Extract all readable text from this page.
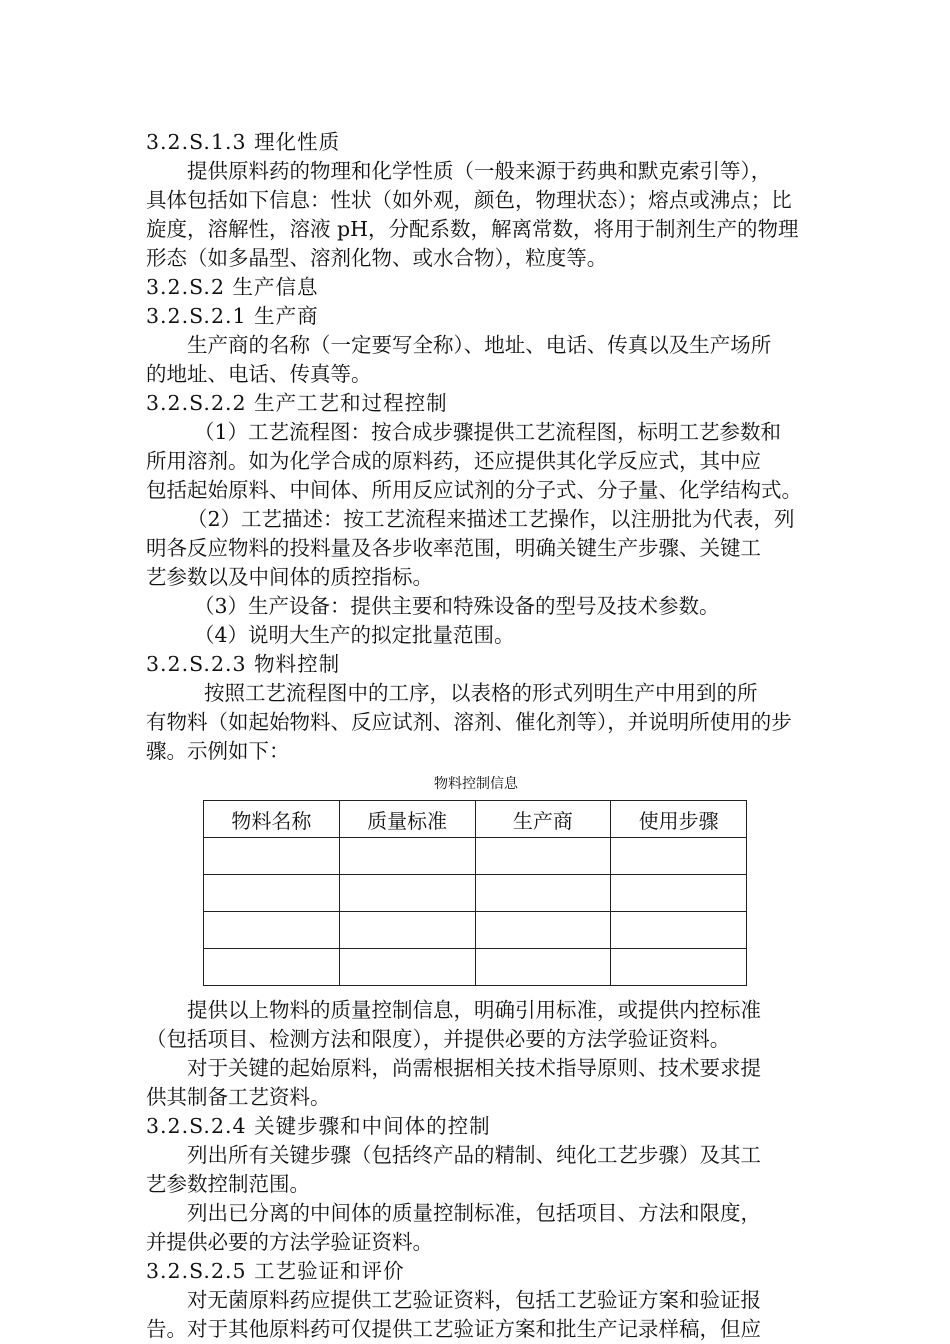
3.2.S.1.3 理化性质
提供原料药的物理和化学性质（一般来源于药典和默克索引等），
具体包括如下信息：性状（如外观，颜色，物理状态）；熔点或沸点；比
旋度，溶解性，溶液 pH，分配系数，解离常数，将用于制剂生产的物理
形态（如多晶型、溶剂化物、或水合物），粒度等。
3.2.S.2 生产信息
3.2.S.2.1 生产商
生产商的名称（一定要写全称）、地址、电话、传真以及生产场所
的地址、电话、传真等。
3.2.S.2.2 生产工艺和过程控制
（1）工艺流程图：按合成步骤提供工艺流程图，标明工艺参数和
所用溶剂。如为化学合成的原料药，还应提供其化学反应式，其中应
包括起始原料、中间体、所用反应试剂的分子式、分子量、化学结构式。
（2）工艺描述：按工艺流程来描述工艺操作，以注册批为代表，列
明各反应物料的投料量及各步收率范围，明确关键生产步骤、关键工
艺参数以及中间体的质控指标。
（3）生产设备：提供主要和特殊设备的型号及技术参数。
（4）说明大生产的拟定批量范围。
3.2.S.2.3 物料控制
按照工艺流程图中的工序，以表格的形式列明生产中用到的所
有物料（如起始物料、反应试剂、溶剂、催化剂等），并说明所使用的步
骤。示例如下：
物料控制信息
物料名称	质量标准	生产商	使用步骤

提供以上物料的质量控制信息，明确引用标准，或提供内控标准
（包括项目、检测方法和限度），并提供必要的方法学验证资料。
对于关键的起始原料，尚需根据相关技术指导原则、技术要求提
供其制备工艺资料。
3.2.S.2.4 关键步骤和中间体的控制
列出所有关键步骤（包括终产品的精制、纯化工艺步骤）及其工
艺参数控制范围。
列出已分离的中间体的质量控制标准，包括项目、方法和限度，
并提供必要的方法学验证资料。
3.2.S.2.5 工艺验证和评价
对无菌原料药应提供工艺验证资料，包括工艺验证方案和验证报
告。对于其他原料药可仅提供工艺验证方案和批生产记录样稿，但应
